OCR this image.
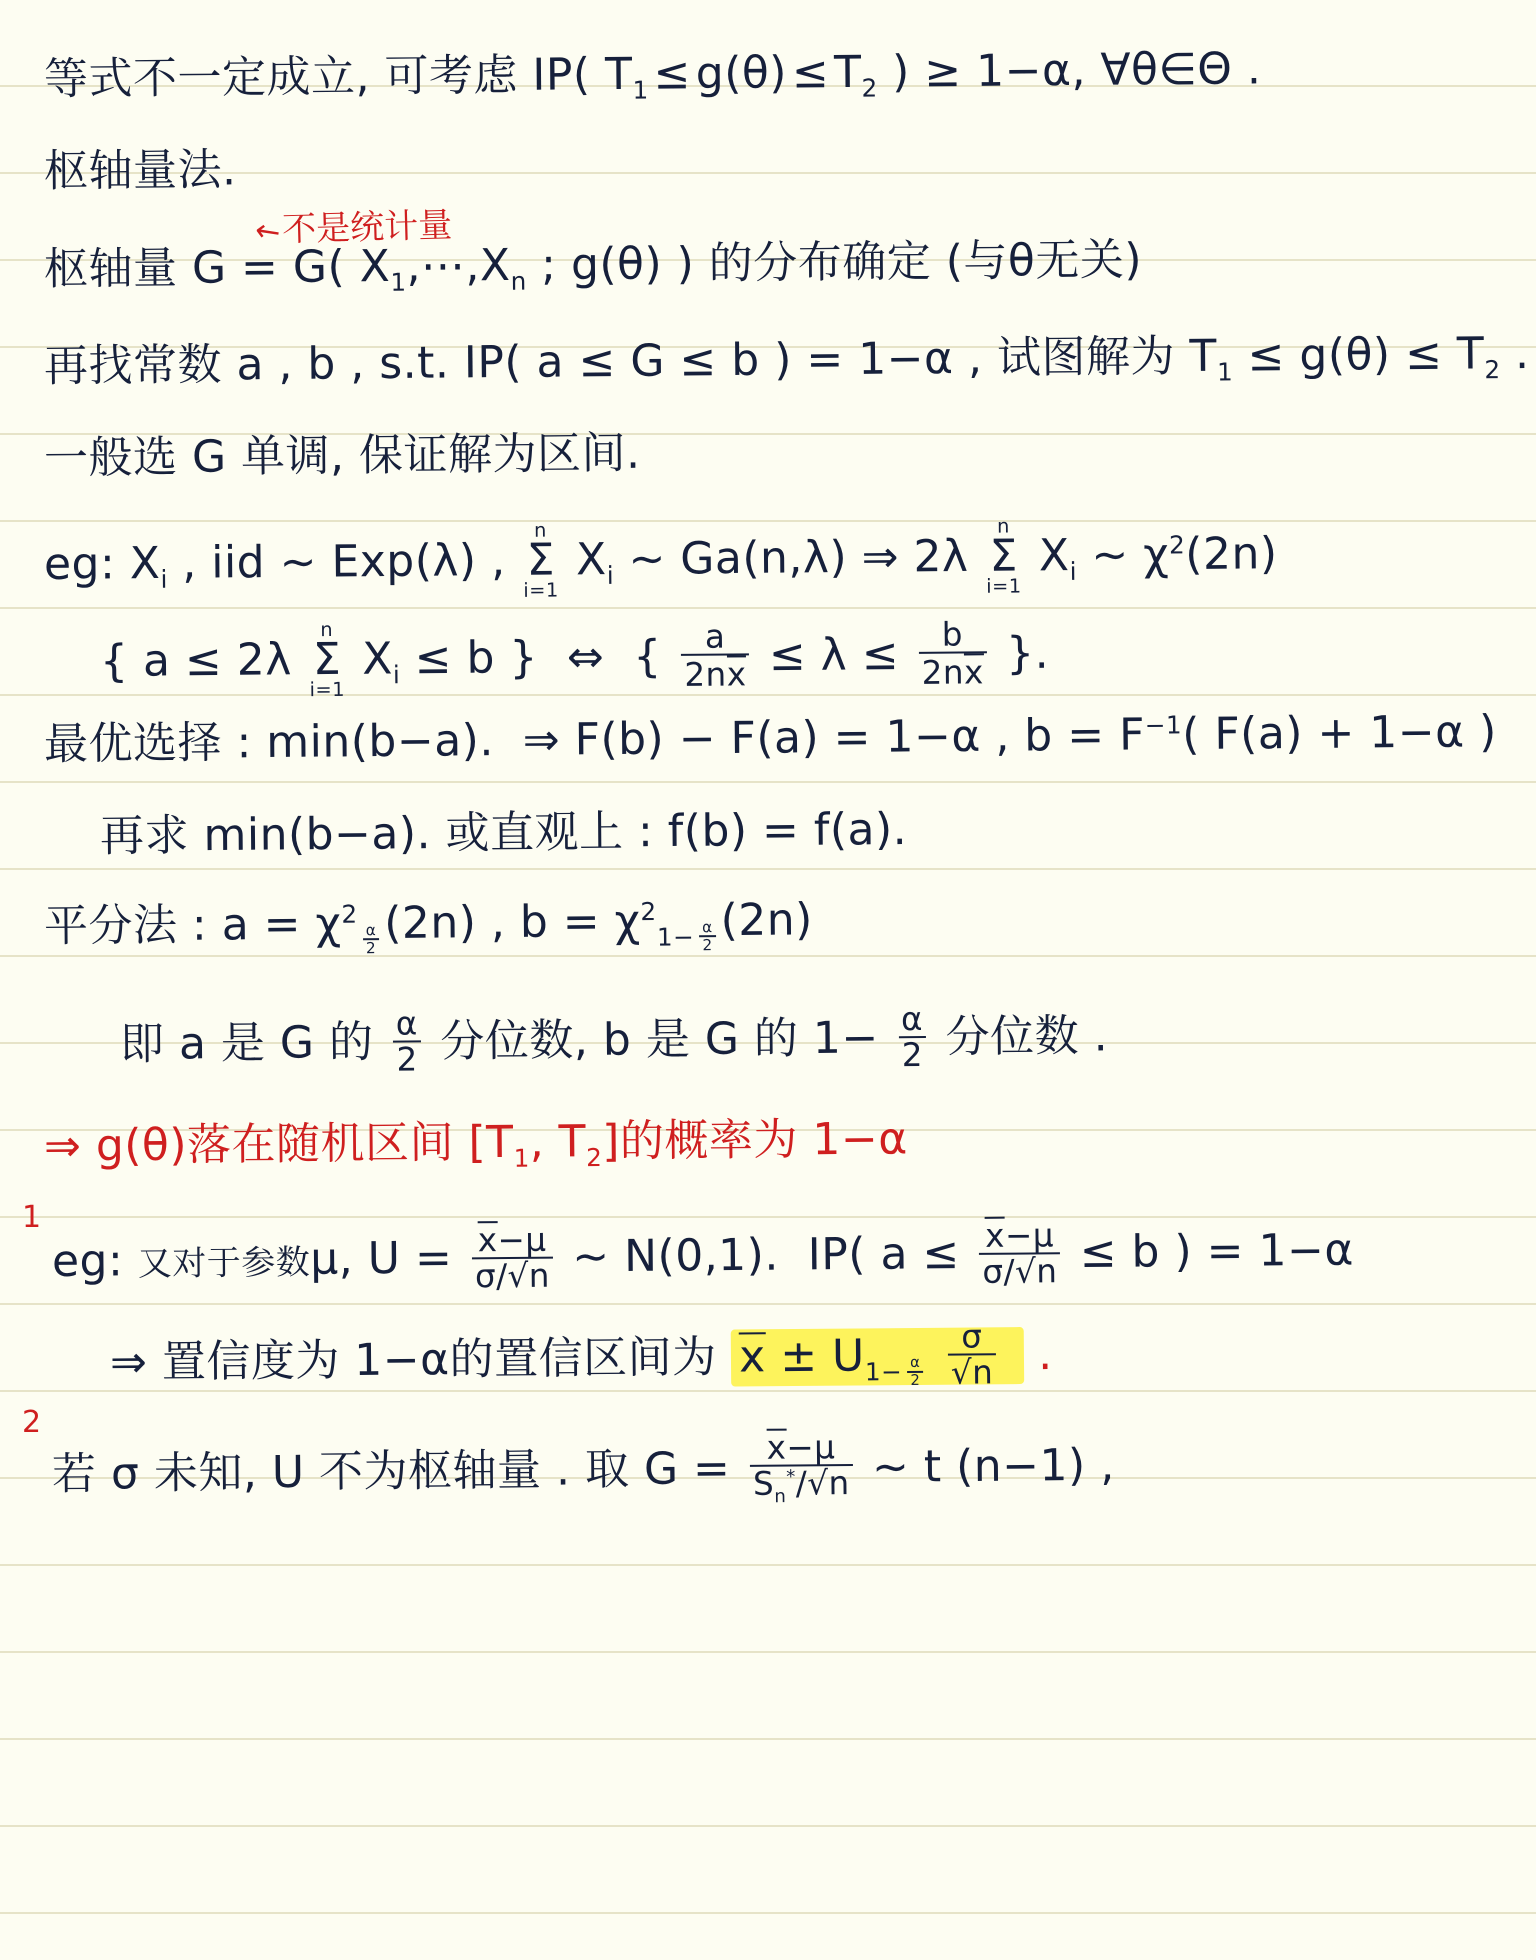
等式不一定成立, 可考虑 IP( $T_1$ ≤ g(θ) ≤ $T_2$ ) ≥ 1−α, ∀θ∈Θ .
枢轴量法.
↖不是统计量
枢轴量 G = G( $X_1,\cdots,X_n$ ; g(θ) ) 的分布确定 (与θ无关)
再找常数 a , b , s.t. IP( a ≤ G ≤ b ) = 1−α , 试图解为 $T_1 \le g(\theta) \le T_2$ .
一般选 G 单调, 保证解为区间.
eg: $X_i$ , iid ~ Exp(λ) ,
n
Σ
i=1
$X_i$ ~ Ga(n,λ) ⇒ 2λ
n
Σ
i=1
$X_i$ ~ $\chi^2(2n)$
{ a ≤ 2λ
n
Σ
i=1
$X_i \le b$ }  ⇔  { $\frac{a}{2nx} \le \lambda \le \frac{b}{2nx}$ }.
最优选择 : min(b−a).  ⇒ F(b) − F(a) = 1−α , $b = F^{-1}$( F(a) + 1−α )
再求 min(b−a). 或直观上 : f(b) = f(a).
平分法 : $a = \chi^2$
$_{\frac{\alpha}{2}}$ (2n) , $b = \chi^2_{1- \frac{\alpha}{2}}$ (2n)
即 a 是 G 的 $\frac{\alpha}{2}$ 分位数, b 是 G 的 $1- \frac{\alpha}{2}$ 分位数 .
⇒ g(θ)落在随机区间 [$T_1$, $T_2$]的概率为 1−α
1
eg: 又对于参数μ, $U = \frac{x-\mu}{\sigma/√n}$ ~ N(0,1).  IP( $a \le \frac{x-\mu}{\sigma/√n} \le b$ ) = 1−α
⇒ 置信度为 1−α的置信区间为 $x \pm U_{1- \frac{\alpha}{2}}$
$\frac{\sigma}{√n}$ .
2
若 σ 未知, U 不为枢轴量 . 取 $G = \frac{x-\mu}{S_n^*/√n}$ ~ t (n−1) ,
